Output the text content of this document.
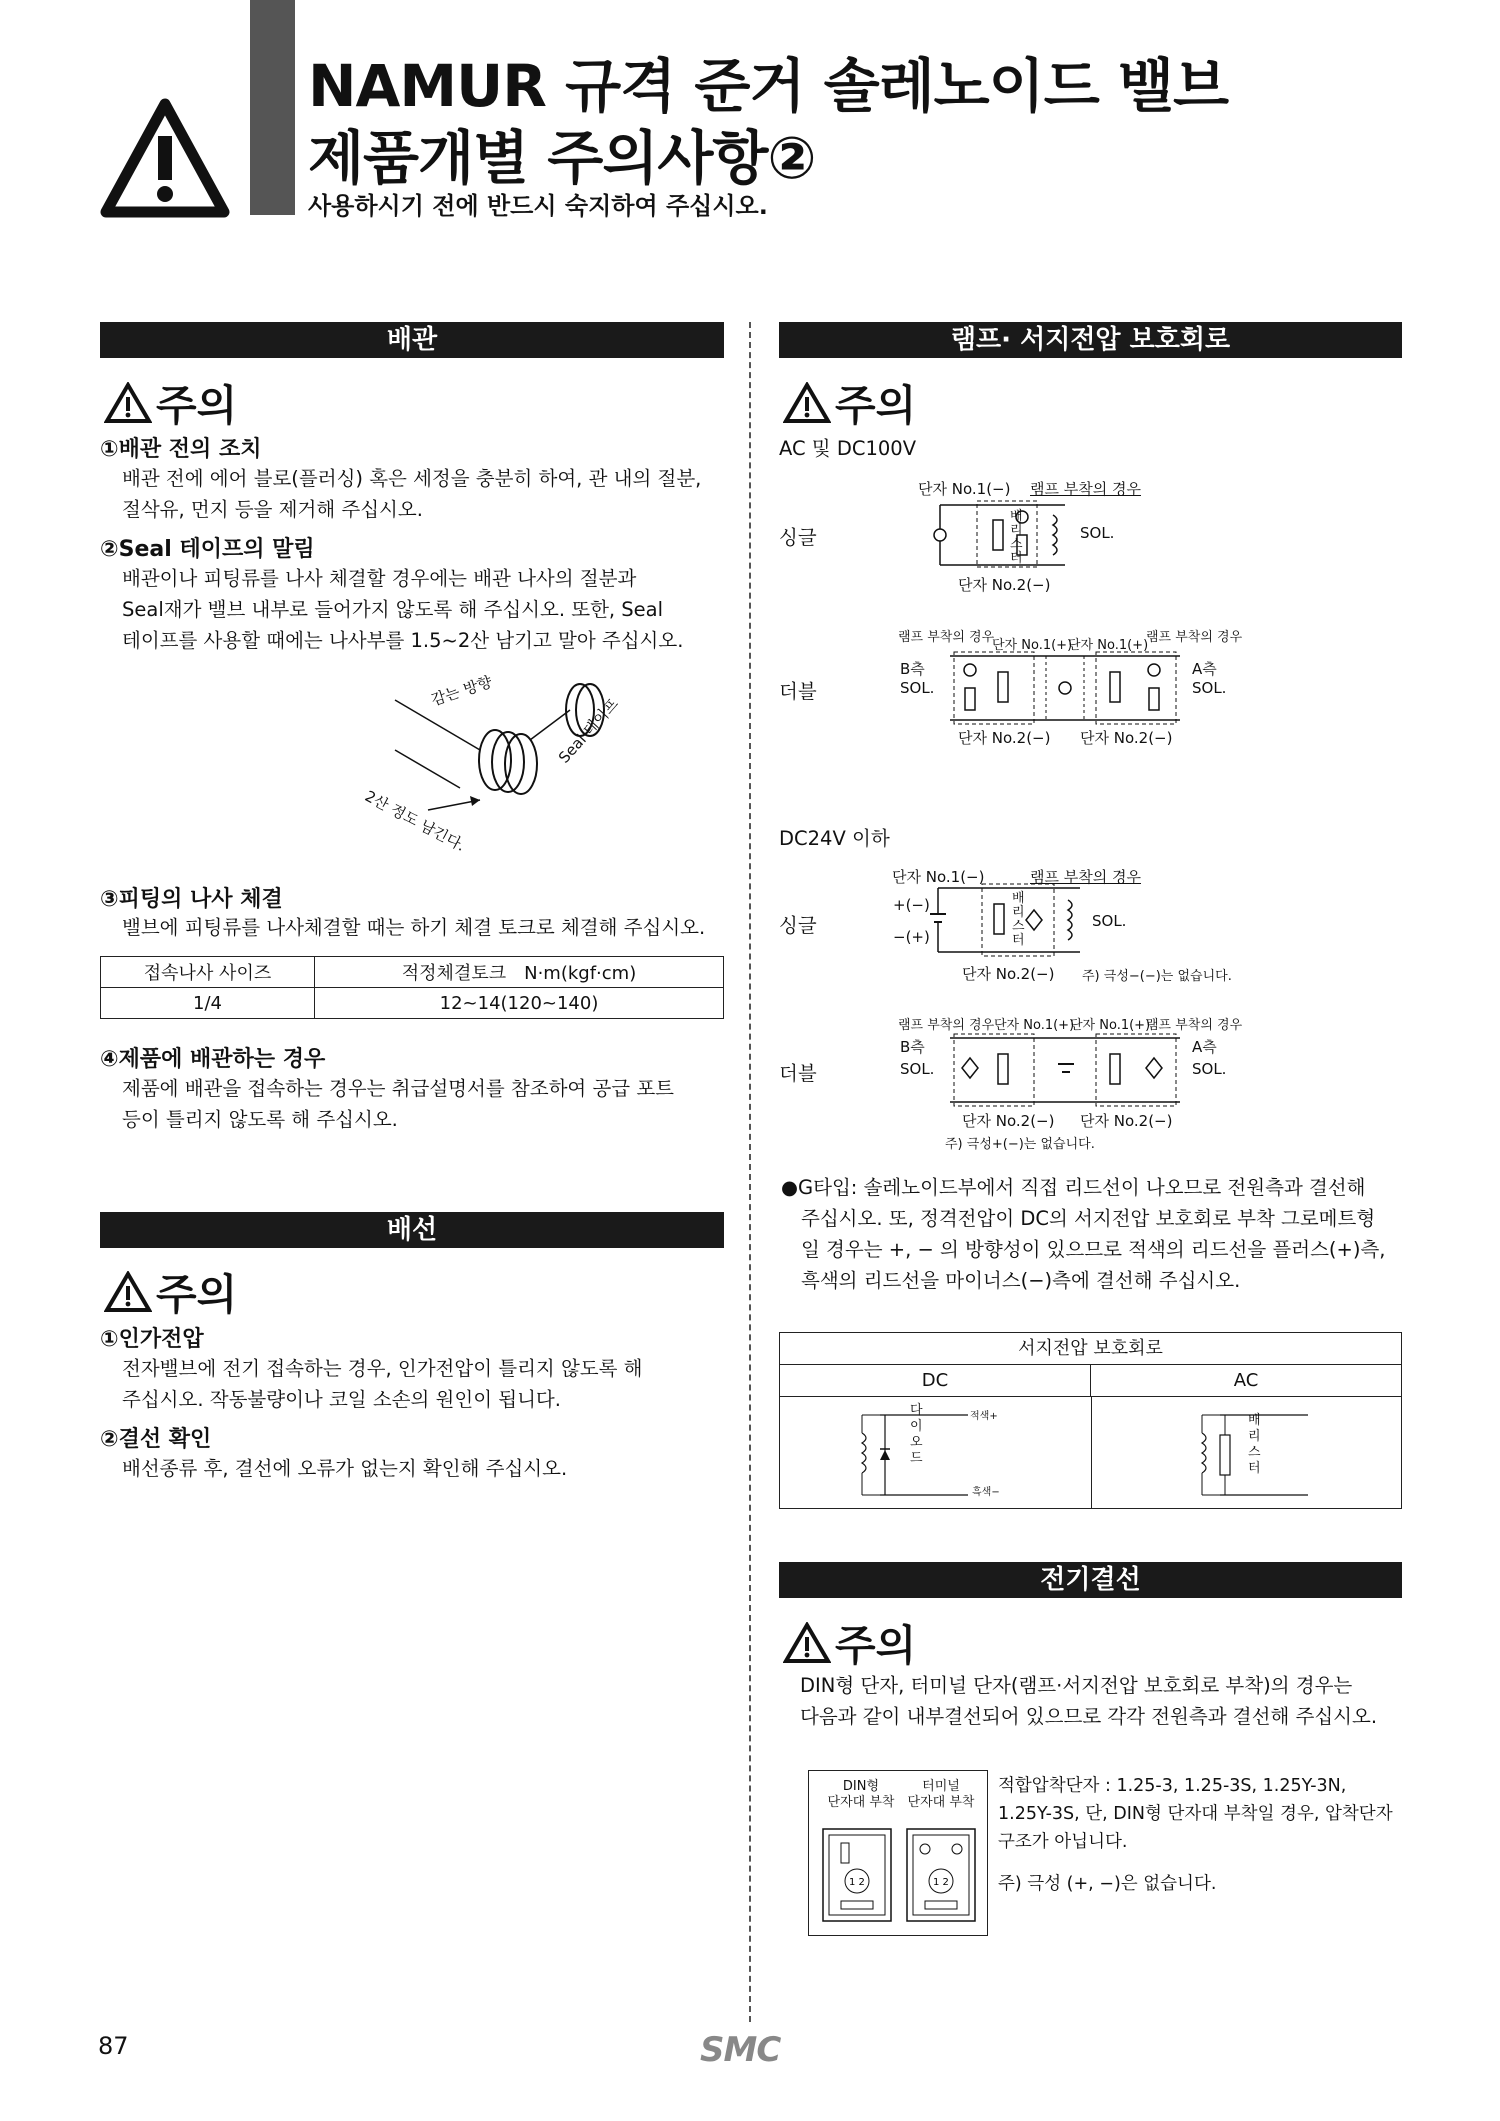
NAMUR 규격 준거 솔레노이드 밸브
제품개별 주의사항②
사용하시기 전에 반드시 숙지하여 주십시오.
배관
주의
①배관 전의 조치
배관 전에 에어 블로(플러싱) 혹은 세정을 충분히 하여, 관 내의 절분,
절삭유, 먼지 등을 제거해 주십시오.
②Seal 테이프의 말림
배관이나 피팅류를 나사 체결할 경우에는 배관 나사의 절분과
Seal재가 밸브 내부로 들어가지 않도록 해 주십시오. 또한, Seal
테이프를 사용할 때에는 나사부를 1.5~2산 남기고 말아 주십시오.
감는 방향
Seal 테이프
2산 정도 남긴다.
③피팅의 나사 체결
밸브에 피팅류를 나사체결할 때는 하기 체결 토크로 체결해 주십시오.
접속나사 사이즈	적정체결토크　N·m(kgf·cm)
1/4	12~14(120~140)
④제품에 배관하는 경우
제품에 배관을 접속하는 경우는 취급설명서를 참조하여 공급 포트
등이 틀리지 않도록 해 주십시오.
배선
주의
①인가전압
전자밸브에 전기 접속하는 경우, 인가전압이 틀리지 않도록 해
주십시오. 작동불량이나 코일 소손의 원인이 됩니다.
②결선 확인
배선종류 후, 결선에 오류가 없는지 확인해 주십시오.
램프· 서지전압 보호회로
주의
AC 및 DC100V
싱글
단자 No.1(−) 램프 부착의 경우
배리스터
SOL.
단자 No.2(−)
더블
램프 부착의 경우
단자 No.1(+)
단자 No.1(+)
램프 부착의 경우
B측	A측
SOL.	SOL.
단자 No.2(−) 단자 No.2(−)
DC24V 이하
단자 No.1(−)	램프 부착의 경우
싱글
+(−)
−(+)
배리스터
SOL.
단자 No.2(−) 주) 극성−(−)는 없습니다.
더블
램프 부착의 경우 단자 No.1(+)
단자 No.1(+)
램프 부착의 경우
B측	A측
SOL.	SOL.
단자 No.2(−) 단자 No.2(−)
주) 극성+(−)는 없습니다.
●G타입: 솔레노이드부에서 직접 리드선이 나오므로 전원측과 결선해
주십시오. 또, 정격전압이 DC의 서지전압 보호회로 부착 그로메트형
일 경우는 +, − 의 방향성이 있으므로 적색의 리드선을 플러스(+)측,
흑색의 리드선을 마이너스(−)측에 결선해 주십시오.
서지전압 보호회로
DC	AC
다이오드
적색+
흑색−
배리스터
전기결선
주의
DIN형 단자, 터미널 단자(램프·서지전압 보호회로 부착)의 경우는
다음과 같이 내부결선되어 있으므로 각각 전원측과 결선해 주십시오.
DIN형
단자대 부착
터미널
단자대 부착
1 2	1 2
적합압착단자 : 1.25-3, 1.25-3S, 1.25Y-3N,
1.25Y-3S, 단, DIN형 단자대 부착일 경우, 압착단자
구조가 아닙니다.
주) 극성 (+, −)은 없습니다.
87	SMC
